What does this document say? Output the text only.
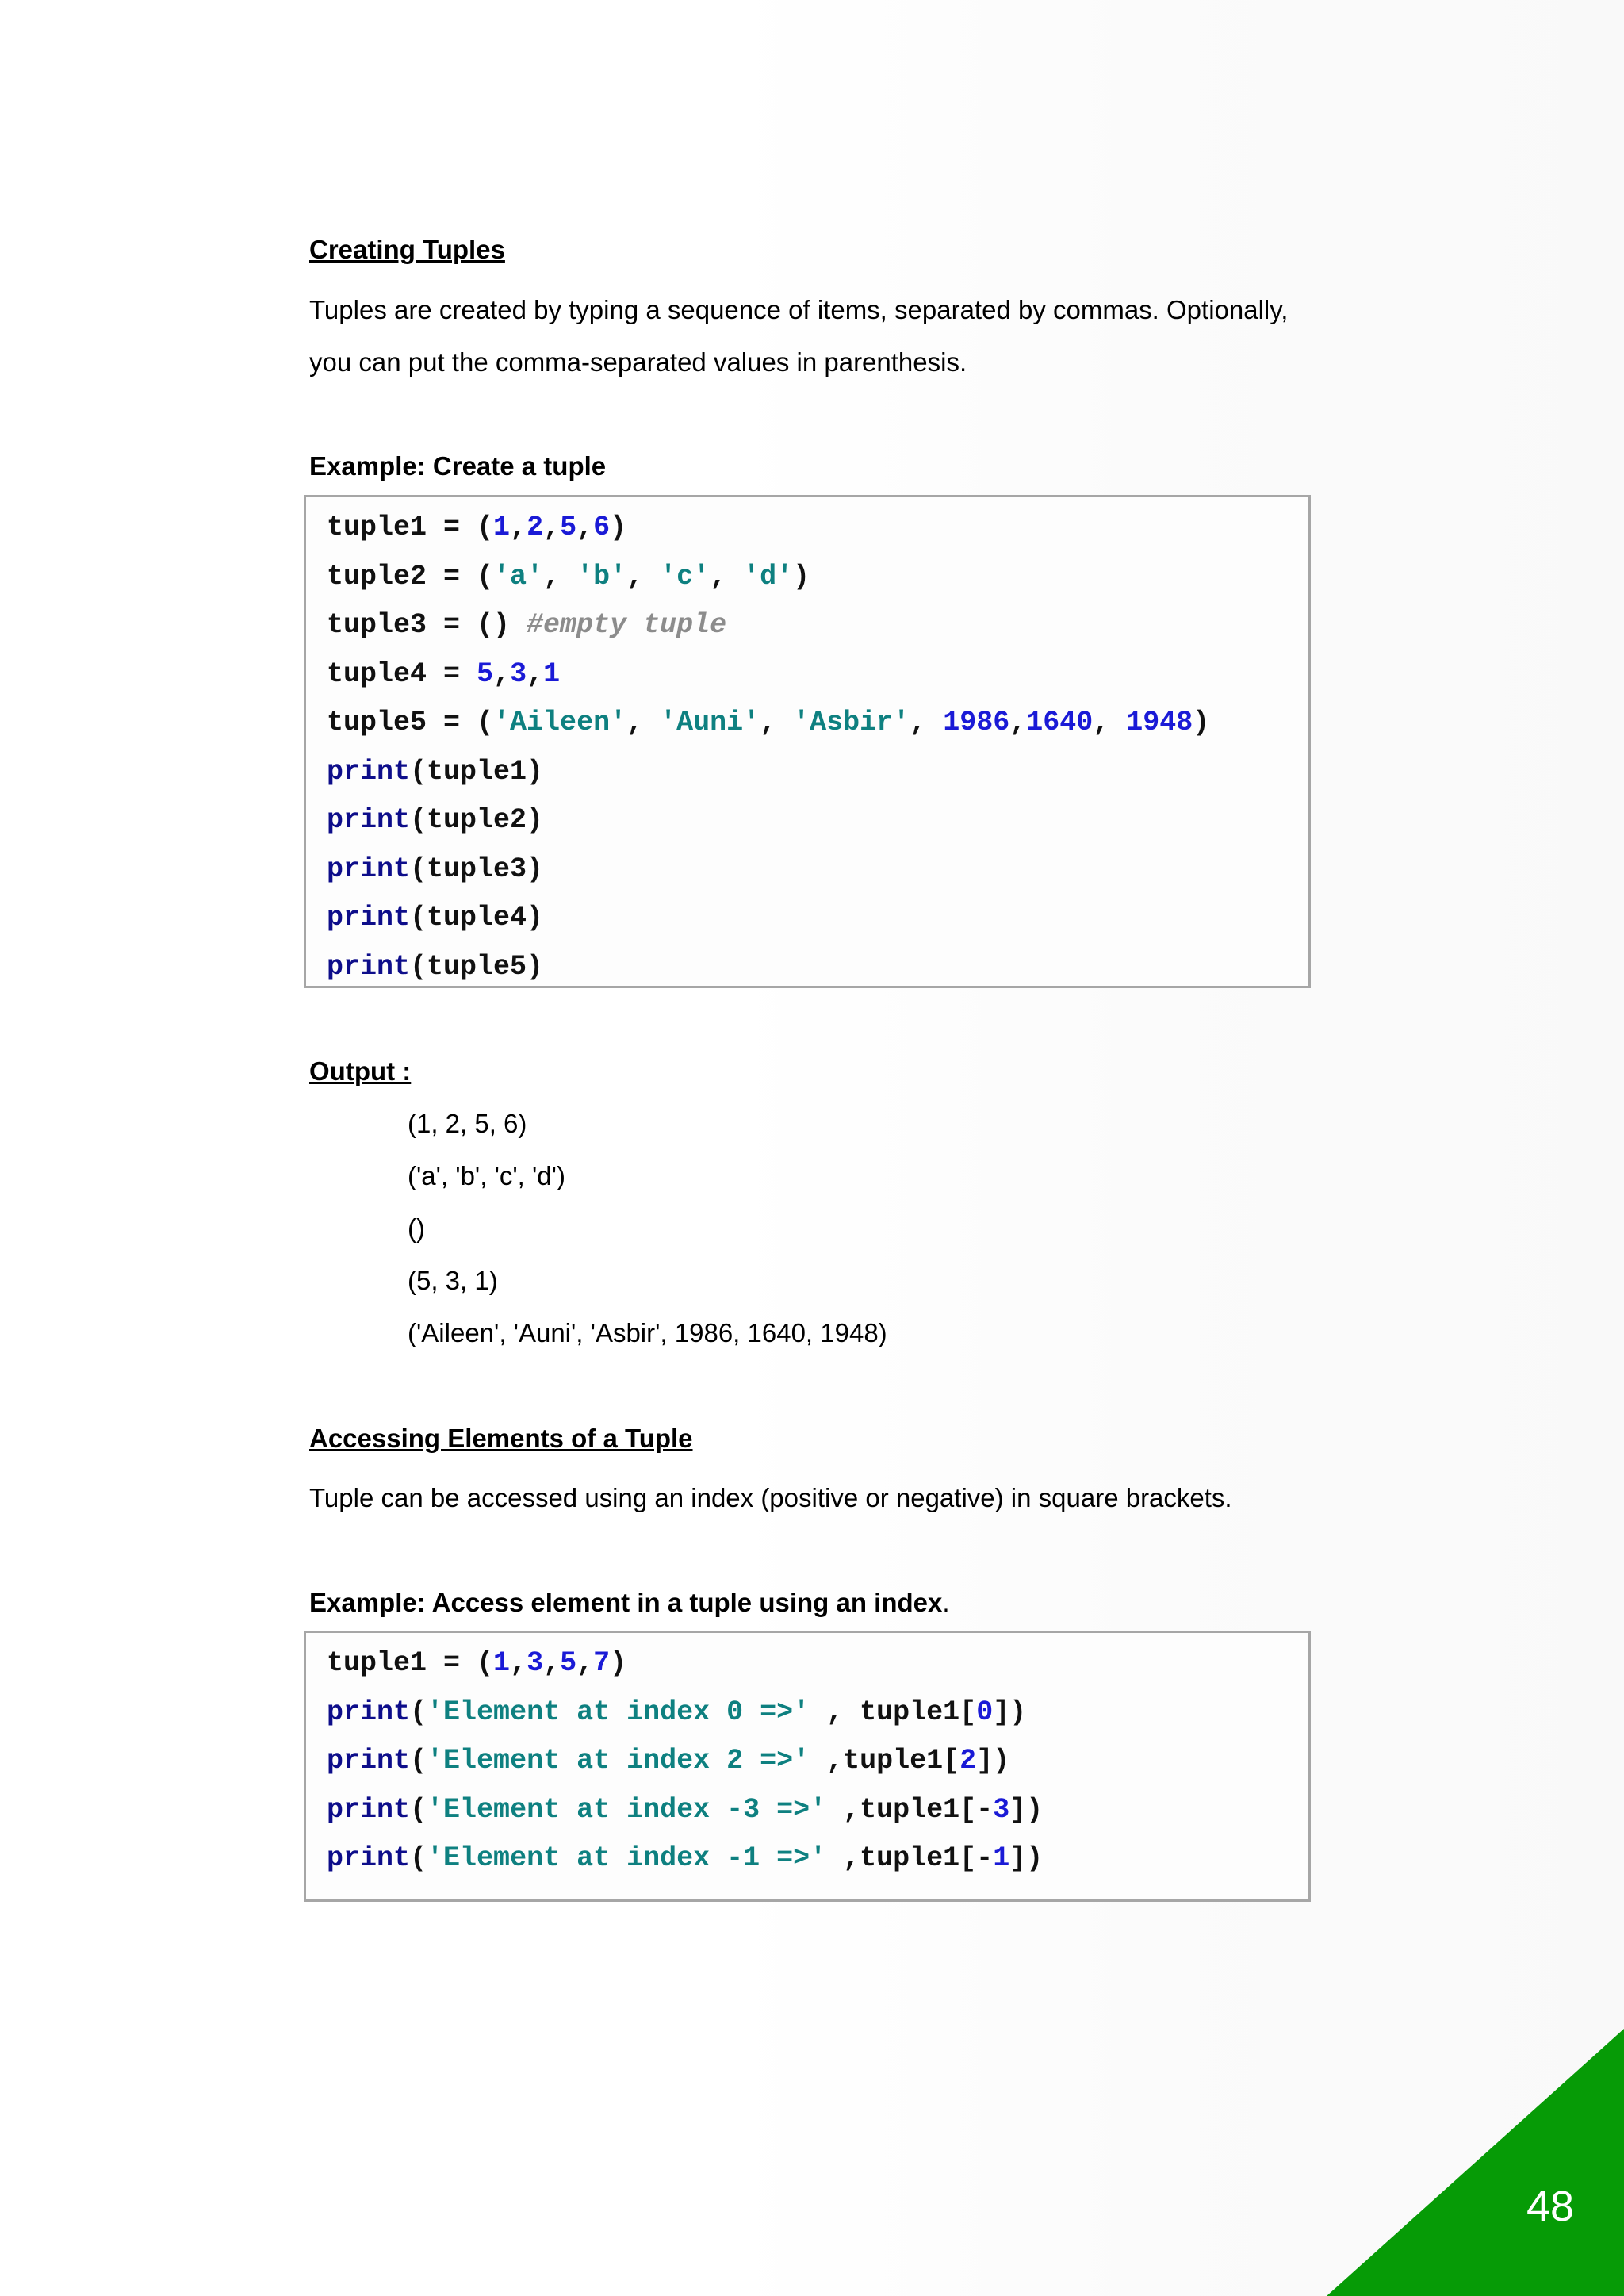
Creating Tuples
Tuples are created by typing a sequence of items, separated by commas. Optionally,
you can put the comma-separated values in parenthesis.
Example: Create a tuple
tuple1 = (1,2,5,6)
tuple2 = ('a', 'b', 'c', 'd')
tuple3 = () #empty tuple
tuple4 = 5,3,1
tuple5 = ('Aileen', 'Auni', 'Asbir', 1986,1640, 1948)
print(tuple1)
print(tuple2)
print(tuple3)
print(tuple4)
print(tuple5)
Output :
(1, 2, 5, 6)
('a', 'b', 'c', 'd')
()
(5, 3, 1)
('Aileen', 'Auni', 'Asbir', 1986, 1640, 1948)
Accessing Elements of a Tuple
Tuple can be accessed using an index (positive or negative) in square brackets.
Example: Access element in a tuple using an index.
tuple1 = (1,3,5,7)
print('Element at index 0 =>' , tuple1[0])
print('Element at index 2 =>' ,tuple1[2])
print('Element at index -3 =>' ,tuple1[-3])
print('Element at index -1 =>' ,tuple1[-1])
48
